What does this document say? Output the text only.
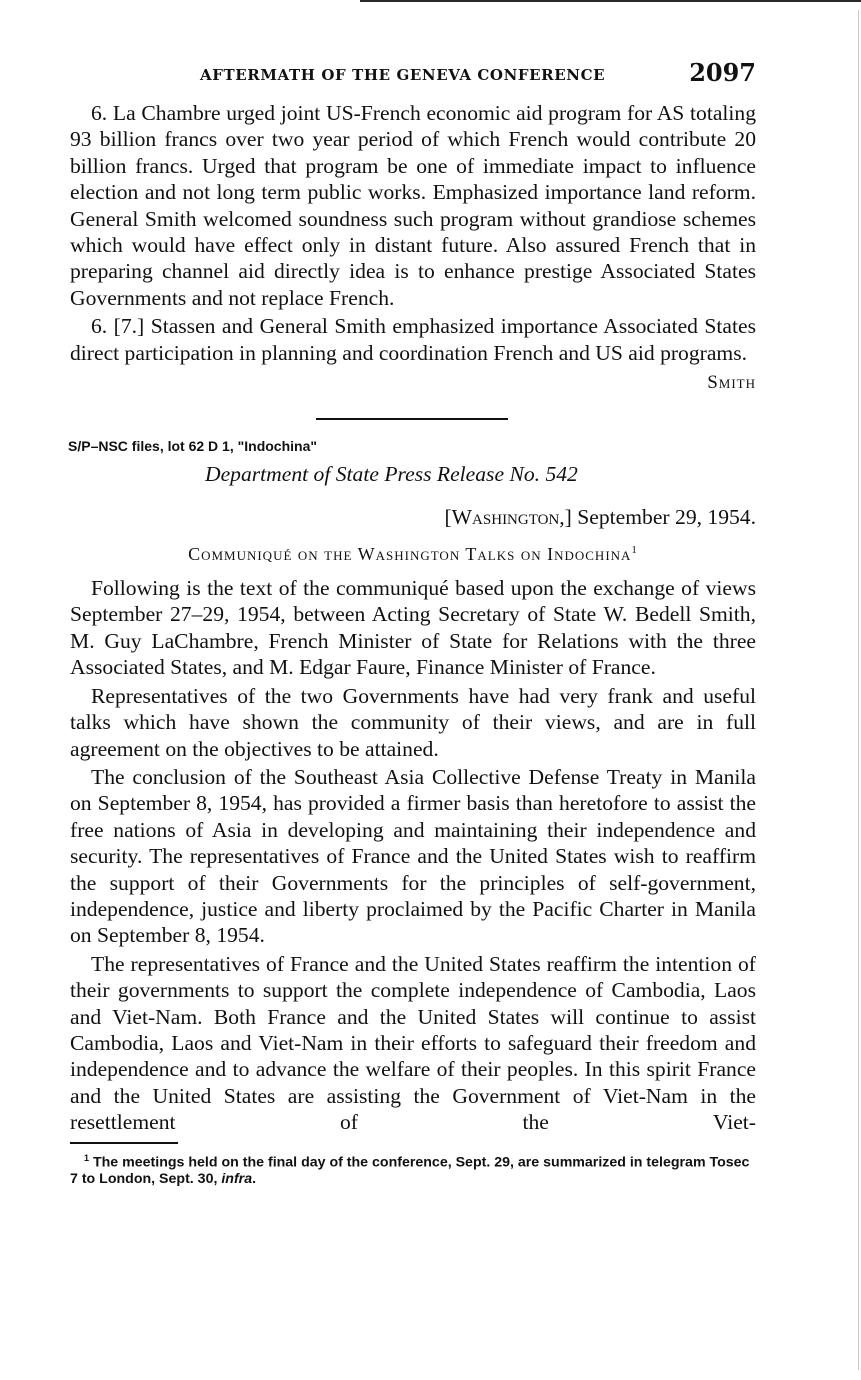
AFTERMATH OF THE GENEVA CONFERENCE	2097

6. La Chambre urged joint US-French economic aid program for AS totaling 93 billion francs over two year period of which French would contribute 20 billion francs. Urged that program be one of immediate impact to influence election and not long term public works. Emphasized importance land reform. General Smith welcomed soundness such program without grandiose schemes which would have effect only in distant future. Also assured French that in preparing channel aid directly idea is to enhance prestige Associated States Governments and not replace French.

6. [7.] Stassen and General Smith emphasized importance Associated States direct participation in planning and coordination French and US aid programs.

Smith
S/P–NSC files, lot 62 D 1, "Indochina"
Department of State Press Release No. 542
[Washington,] September 29, 1954.
Communiqué on the Washington Talks on Indochina$^1$

Following is the text of the communiqué based upon the exchange of views September 27–29, 1954, between Acting Secretary of State W. Bedell Smith, M. Guy LaChambre, French Minister of State for Relations with the three Associated States, and M. Edgar Faure, Finance Minister of France.

Representatives of the two Governments have had very frank and useful talks which have shown the community of their views, and are in full agreement on the objectives to be attained.

The conclusion of the Southeast Asia Collective Defense Treaty in Manila on September 8, 1954, has provided a firmer basis than heretofore to assist the free nations of Asia in developing and maintaining their independence and security. The representatives of France and the United States wish to reaffirm the support of their Governments for the principles of self-government, independence, justice and liberty proclaimed by the Pacific Charter in Manila on September 8, 1954.

The representatives of France and the United States reaffirm the intention of their governments to support the complete independence of Cambodia, Laos and Viet-Nam. Both France and the United States will continue to assist Cambodia, Laos and Viet-Nam in their efforts to safeguard their freedom and independence and to advance the welfare of their peoples. In this spirit France and the United States are assisting the Government of Viet-Nam in the resettlement of the Viet-

$^1$ The meetings held on the final day of the conference, Sept. 29, are summarized in telegram Tosec 7 to London, Sept. 30, infra.
